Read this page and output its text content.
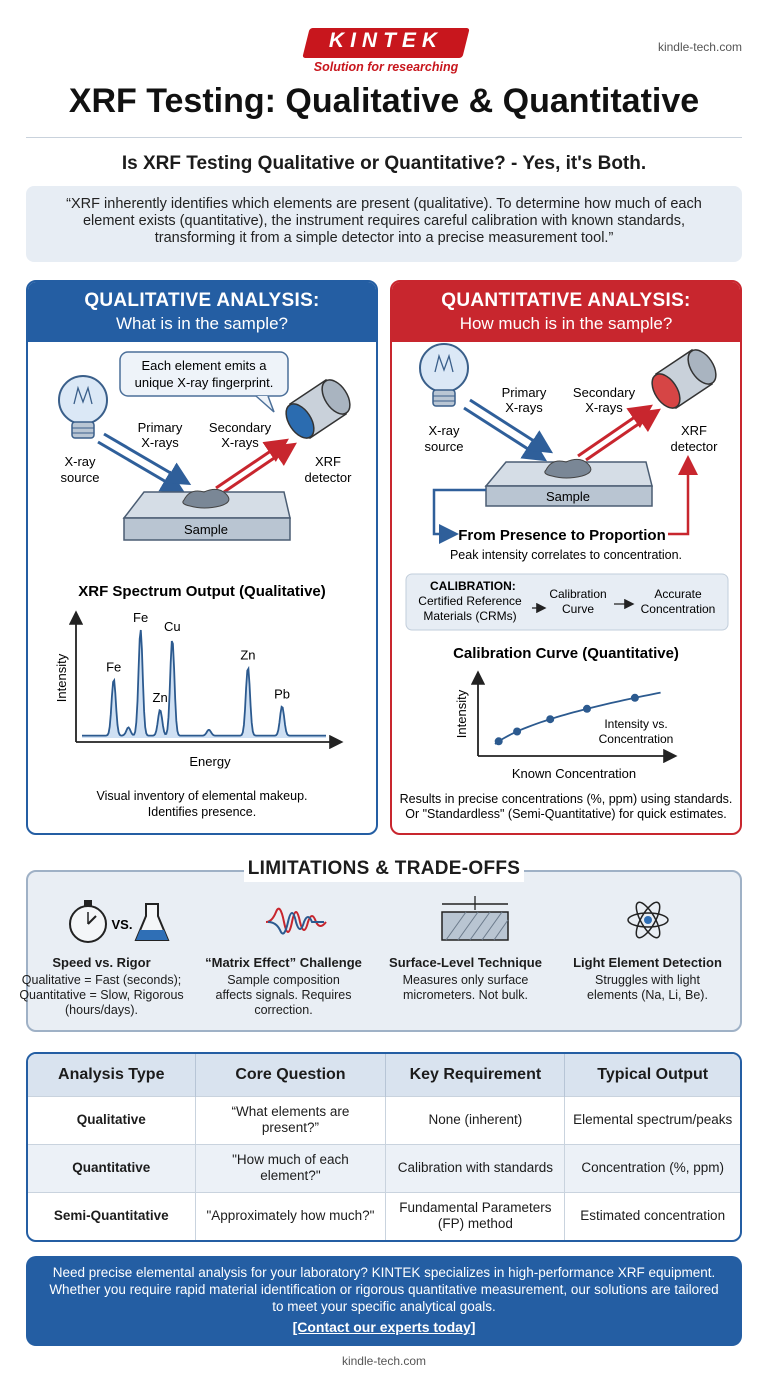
KINTEK
Solution for researching
kindle-tech.com
XRF Testing: Qualitative & Quantitative
Is XRF Testing Qualitative or Quantitative? - Yes, it's Both.
“XRF inherently identifies which elements are present (qualitative). To determine how much of each element exists (quantitative), the instrument requires careful calibration with known standards, transforming it from a simple detector into a precise measurement tool.”
QUALITATIVE ANALYSIS:
What is in the sample?
Each element emits a
unique X-ray fingerprint.
X-ray
source
Primary
X-rays
Secondary
X-rays
XRF
detector
Sample
XRF Spectrum Output (Qualitative)
Fe
Fe
Zn
Cu
Zn
Pb
Intensity
Energy
Visual inventory of elemental makeup.
Identifies presence.
QUANTITATIVE ANALYSIS:
How much is in the sample?
X-ray
source
Primary
X-rays
Secondary
X-rays
XRF
detector
Sample
From Presence to Proportion
Peak intensity correlates to concentration.
CALIBRATION:
Certified Reference
Materials (CRMs)
Calibration
Curve
Accurate
Concentration
Calibration Curve (Quantitative)
Intensity
Known Concentration
Intensity vs.
Concentration
Results in precise concentrations (%, ppm) using standards.
Or "Standardless" (Semi-Quantitative) for quick estimates.
LIMITATIONS & TRADE-OFFS
VS.
Speed vs. Rigor
Qualitative = Fast (seconds);
Quantitative = Slow, Rigorous
(hours/days).
“Matrix Effect” Challenge
Sample composition
affects signals. Requires
correction.
Surface-Level Technique
Measures only surface
micrometers. Not bulk.
Light Element Detection
Struggles with light
elements (Na, Li, Be).
Analysis Type	Core Question	Key Requirement	Typical Output
Qualitative	“What elements are present?”	None (inherent)	Elemental spectrum/peaks
Quantitative	"How much of each element?"	Calibration with standards	Concentration (%, ppm)
Semi-Quantitative	"Approximately how much?"	Fundamental Parameters (FP) method	Estimated concentration
Need precise elemental analysis for your laboratory? KINTEK specializes in high-performance XRF equipment. Whether you require rapid material identification or rigorous quantitative measurement, our solutions are tailored to meet your specific analytical goals.
[Contact our experts today]
kindle-tech.com
